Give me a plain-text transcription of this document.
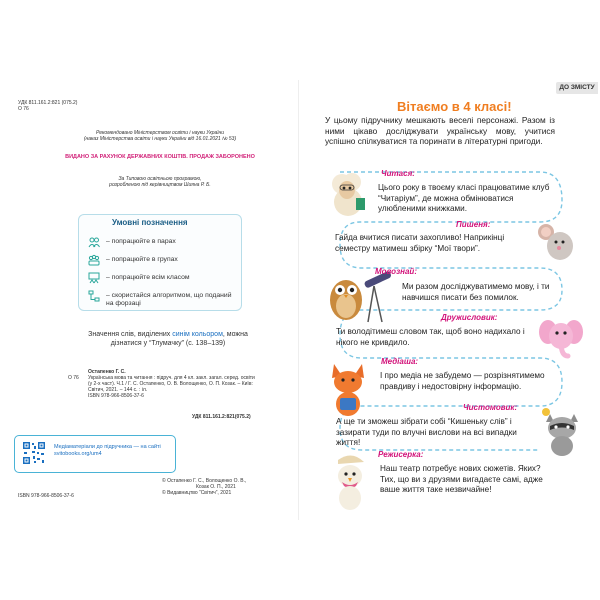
УДК 811.161.2:821 (075.2)
О 76
Рекомендовано Міністерством освіти і науки України
(наказ Міністерства освіти і науки України від 16.01.2021 № 53)
ВИДАНО ЗА РАХУНОК ДЕРЖАВНИХ КОШТІВ. ПРОДАЖ ЗАБОРОНЕНО
За Типовою освітньою програмою,
розробленою під керівництвом Шияна Р. Б.
Умовні позначення
– попрацюйте в парах
– попрацюйте в групах
– попрацюйте всім класом
– скористайся алгоритмом, що поданий на форзаці
Значення слів, виділених синім кольором, можна дізнатися у “Тлумачку” (с. 138–139)
Остапенко Г. С.
О 76	Українська мова та читання : підруч. для 4 кл. закл. загал. серед. освіти (у 2-х част). Ч.1 / Г. С. Остапенко, О. В. Волощенко, О. П. Козак. – Київ: Світич, 2021. – 144 с. : іл.
ISBN 978-966-8506-37-6
УДК 811.161.2:821(075.2)
Медіаматеріали до підручника — на сайті svitobooks.org/um4
ISBN 978-966-8506-37-6
© Остапенко Г. С., Волощенко О. В.,
Козак О. П., 2021
© Видавництво “Світич”, 2021
ДО ЗМІСТУ
Вітаємо в 4 класі!
У цьому підручнику мешкають веселі персонажі. Разом із ними цікаво досліджувати українську мову, учитися успішно спілкуватися та поринати в літературні пригоди.
Читася:
Цього року в твоєму класі працюватиме клуб “Читаріум”, де можна обмінюватися улюбленими книжками.
Пишеня:
Гайда вчитися писати захопливо! Наприкінці семестру матимеш збірку “Мої твори”.
Мовознай:
Ми разом досліджуватимемо мову, і ти навчишся писати без помилок.
Дружисловик:
Ти володітимеш словом так, щоб воно надихало і нікого не кривдило.
Медіаша:
І про медіа не забудемо — розрізнятимемо правдиву і недостовірну інформацію.
Чистомовик:
А ще ти зможеш зібрати собі “Кишеньку слів” і зазирати туди по влучні вислови на всі випадки життя!
Режисерка:
Наш театр потребує нових сюжетів. Яких? Тих, що ви з друзями вигадаєте самі, адже ваше життя таке незвичайне!
